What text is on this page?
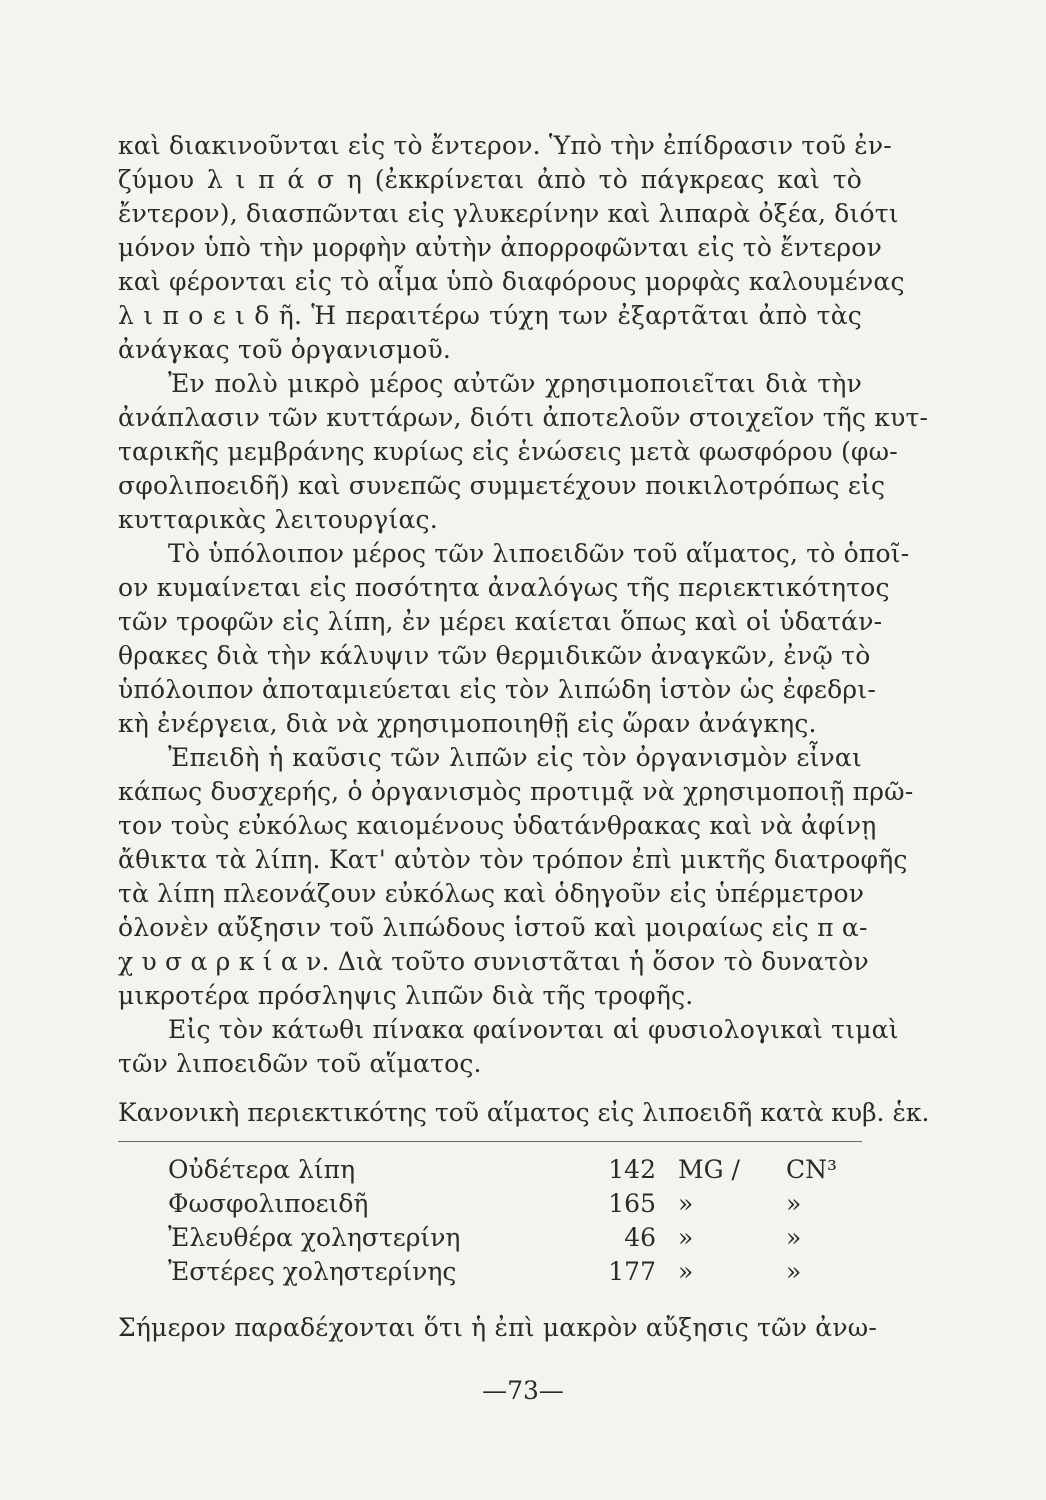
καὶ διακινοῦνται εἰς τὸ ἔντερον. Ὑπὸ τὴν ἐπίδρασιν τοῦ ἐν-
ζύμου λ ι π ά σ η (ἐκκρίνεται ἀπὸ τὸ πάγκρεας καὶ τὸ
ἔντερον), διασπῶνται εἰς γλυκερίνην καὶ λιπαρὰ ὀξέα, διότι
μόνον ὑπὸ τὴν μορφὴν αὐτὴν ἀπορροφῶνται εἰς τὸ ἔντερον
καὶ φέρονται εἰς τὸ αἷμα ὑπὸ διαφόρους μορφὰς καλουμένας
λ ι π ο ε ι δ ῆ. Ἡ περαιτέρω τύχη των ἐξαρτᾶται ἀπὸ τὰς
ἀνάγκας τοῦ ὀργανισμοῦ.
Ἐν πολὺ μικρὸ μέρος αὐτῶν χρησιμοποιεῖται διὰ τὴν
ἀνάπλασιν τῶν κυττάρων, διότι ἀποτελοῦν στοιχεῖον τῆς κυτ-
ταρικῆς μεμβράνης κυρίως εἰς ἑνώσεις μετὰ φωσφόρου (φω-
σφολιποειδῆ) καὶ συνεπῶς συμμετέχουν ποικιλοτρόπως εἰς
κυτταρικὰς λειτουργίας.
Τὸ ὑπόλοιπον μέρος τῶν λιποειδῶν τοῦ αἵματος, τὸ ὁποῖ-
ον κυμαίνεται εἰς ποσότητα ἀναλόγως τῆς περιεκτικότητος
τῶν τροφῶν εἰς λίπη, ἐν μέρει καίεται ὅπως καὶ οἱ ὑδατάν-
θρακες διὰ τὴν κάλυψιν τῶν θερμιδικῶν ἀναγκῶν, ἐνῷ τὸ
ὑπόλοιπον ἀποταμιεύεται εἰς τὸν λιπώδη ἱστὸν ὡς ἐφεδρι-
κὴ ἐνέργεια, διὰ νὰ χρησιμοποιηθῇ εἰς ὥραν ἀνάγκης.
Ἐπειδὴ ἡ καῦσις τῶν λιπῶν εἰς τὸν ὀργανισμὸν εἶναι
κάπως δυσχερής, ὁ ὀργανισμὸς προτιμᾷ νὰ χρησιμοποιῇ πρῶ-
τον τοὺς εὐκόλως καιομένους ὑδατάνθρακας καὶ νὰ ἀφίνῃ
ἄθικτα τὰ λίπη. Κατ' αὐτὸν τὸν τρόπον ἐπὶ μικτῆς διατροφῆς
τὰ λίπη πλεονάζουν εὐκόλως καὶ ὁδηγοῦν εἰς ὑπέρμετρον
ὁλονὲν αὔξησιν τοῦ λιπώδους ἱστοῦ καὶ μοιραίως εἰς π α-
χ υ σ α ρ κ ί α ν. Διὰ τοῦτο συνιστᾶται ἡ ὅσον τὸ δυνατὸν
μικροτέρα πρόσληψις λιπῶν διὰ τῆς τροφῆς.
Εἰς τὸν κάτωθι πίνακα φαίνονται αἱ φυσιολογικαὶ τιμαὶ
τῶν λιποειδῶν τοῦ αἵματος.
Κανονικὴ περιεκτικότης τοῦ αἵματος εἰς λιποειδῆ κατὰ κυβ. ἑκ.
Οὐδέτερα λίπη	142 MG / CN³
Φωσφολιποειδῆ	165 »	»
Ἐλευθέρα χοληστερίνη	46 »	»
Ἐστέρες χοληστερίνης	177 »	»
Σήμερον παραδέχονται ὅτι ἡ ἐπὶ μακρὸν αὔξησις τῶν ἀνω-
—73—
